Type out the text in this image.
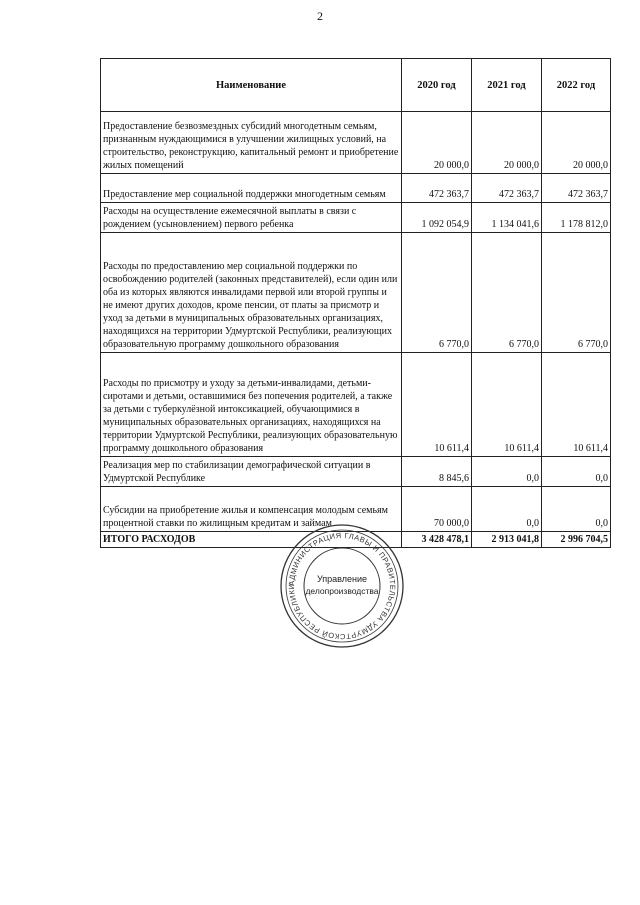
2
Наименование	2020 год	2021 год	2022 год
Предоставление безвозмездных субсидий многодетным семьям, признанным нуждающимися в улучшении жилищных условий, на строительство, реконструкцию, капитальный ремонт и приобретение жилых помещений	20 000,0	20 000,0	20 000,0
Предоставление мер социальной поддержки многодетным семьям	472 363,7	472 363,7	472 363,7
Расходы на осуществление ежемесячной выплаты в связи с рождением (усыновлением) первого ребенка	1 092 054,9	1 134 041,6	1 178 812,0
Расходы по предоставлению мер социальной поддержки по освобождению родителей (законных представителей), если один или оба из которых являются инвалидами первой или второй группы и не имеют других доходов, кроме пенсии, от платы за присмотр и уход за детьми в муниципальных образовательных организациях, находящихся на территории Удмуртской Республики, реализующих образовательную программу дошкольного образования	6 770,0	6 770,0	6 770,0
Расходы по присмотру и уходу за детьми-инвалидами, детьми-сиротами и детьми, оставшимися без попечения родителей, а также за детьми с туберкулёзной интоксикацией, обучающимися в муниципальных образовательных организациях, находящихся на территории Удмуртской Республики, реализующих образовательную программу дошкольного образования	10 611,4	10 611,4	10 611,4
Реализация мер по стабилизации демографической ситуации в Удмуртской Республике	8 845,6	0,0	0,0
Субсидии на приобретение жилья и компенсация молодым семьям процентной ставки по жилищным кредитам и займам	70 000,0	0,0	0,0
ИТОГО РАСХОДОВ	3 428 478,1	2 913 041,8	2 996 704,5
АДМИНИСТРАЦИЯ ГЛАВЫ И ПРАВИТЕЛЬСТВА УДМУРТСКОЙ РЕСПУБЛИКИ
Управление
делопроизводства
